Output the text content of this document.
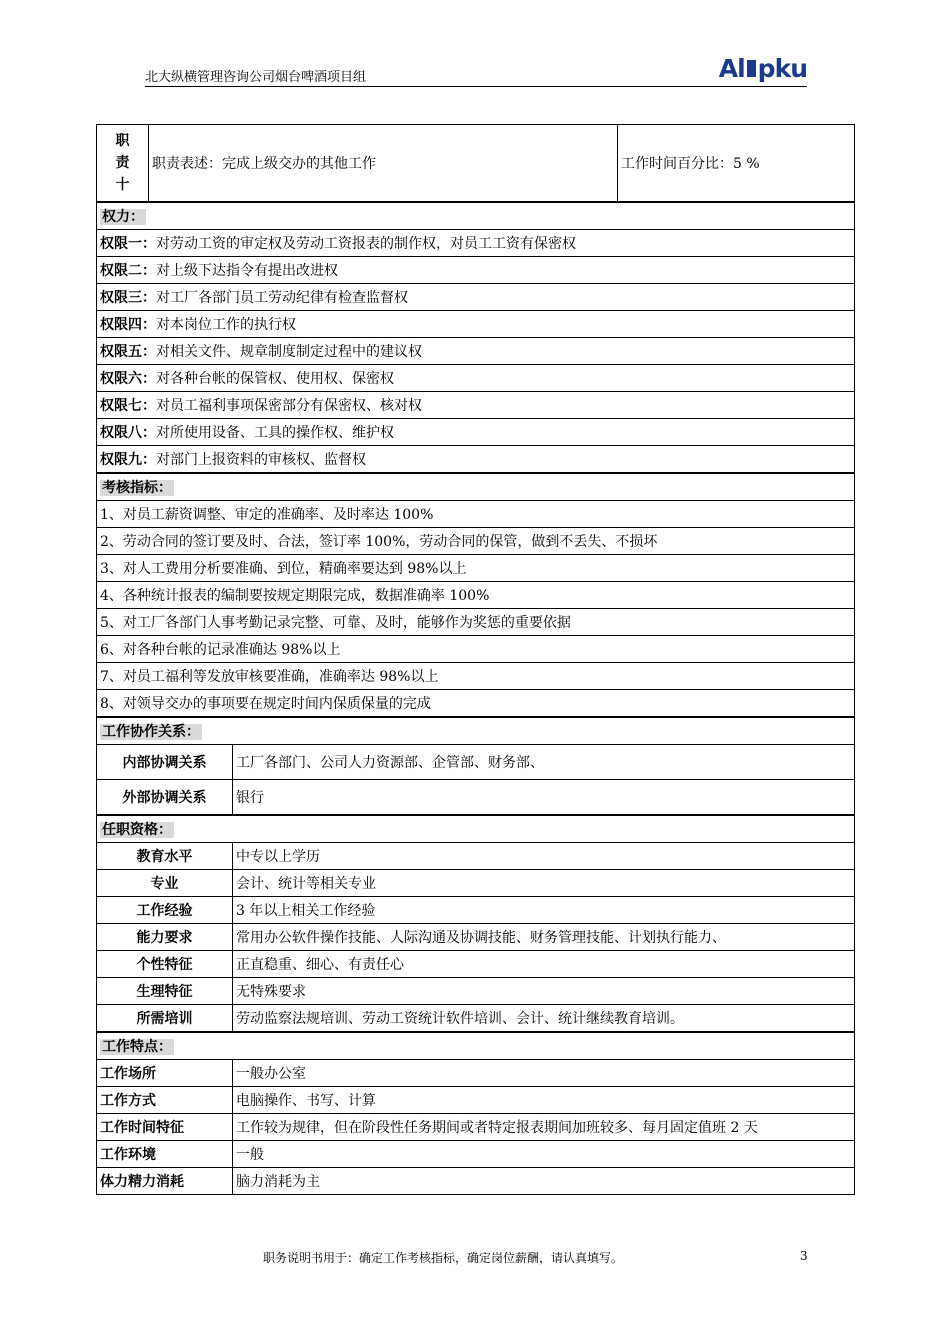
北大纵横管理咨询公司烟台啤酒项目组	Al pku
职
责
十	职责表述：完成上级交办的其他工作		工作时间百分比：5 %
权力：			
权限一：对劳动工资的审定权及劳动工资报表的制作权，对员工工资有保密权			
权限二：对上级下达指令有提出改进权			
权限三：对工厂各部门员工劳动纪律有检查监督权			
权限四：对本岗位工作的执行权			
权限五：对相关文件、规章制度制定过程中的建议权			
权限六：对各种台帐的保管权、使用权、保密权			
权限七：对员工福利事项保密部分有保密权、核对权			
权限八：对所使用设备、工具的操作权、维护权			
权限九：对部门上报资料的审核权、监督权			
考核指标：			
1、对员工薪资调整、审定的准确率、及时率达 100%			
2、劳动合同的签订要及时、合法，签订率 100%，劳动合同的保管，做到不丢失、不损坏			
3、对人工费用分析要准确、到位，精确率要达到 98%以上			
4、各种统计报表的编制要按规定期限完成，数据准确率 100%			
5、对工厂各部门人事考勤记录完整、可靠、及时，能够作为奖惩的重要依据			
6、对各种台帐的记录准确达 98%以上			
7、对员工福利等发放审核要准确，准确率达 98%以上			
8、对领导交办的事项要在规定时间内保质保量的完成			
工作协作关系：			
内部协调关系		工厂各部门、公司人力资源部、企管部、财务部、	
外部协调关系		银行	
任职资格：			
教育水平		中专以上学历	
专业		会计、统计等相关专业	
工作经验		3 年以上相关工作经验	
能力要求		常用办公软件操作技能、人际沟通及协调技能、财务管理技能、计划执行能力、	
个性特征		正直稳重、细心、有责任心	
生理特征		无特殊要求	
所需培训		劳动监察法规培训、劳动工资统计软件培训、会计、统计继续教育培训。	
工作特点：			
工作场所		一般办公室	
工作方式		电脑操作、书写、计算	
工作时间特征		工作较为规律，但在阶段性任务期间或者特定报表期间加班较多、每月固定值班 2 天	
工作环境		一般	
体力精力消耗		脑力消耗为主	
职务说明书用于：确定工作考核指标，确定岗位薪酬，请认真填写。	3
